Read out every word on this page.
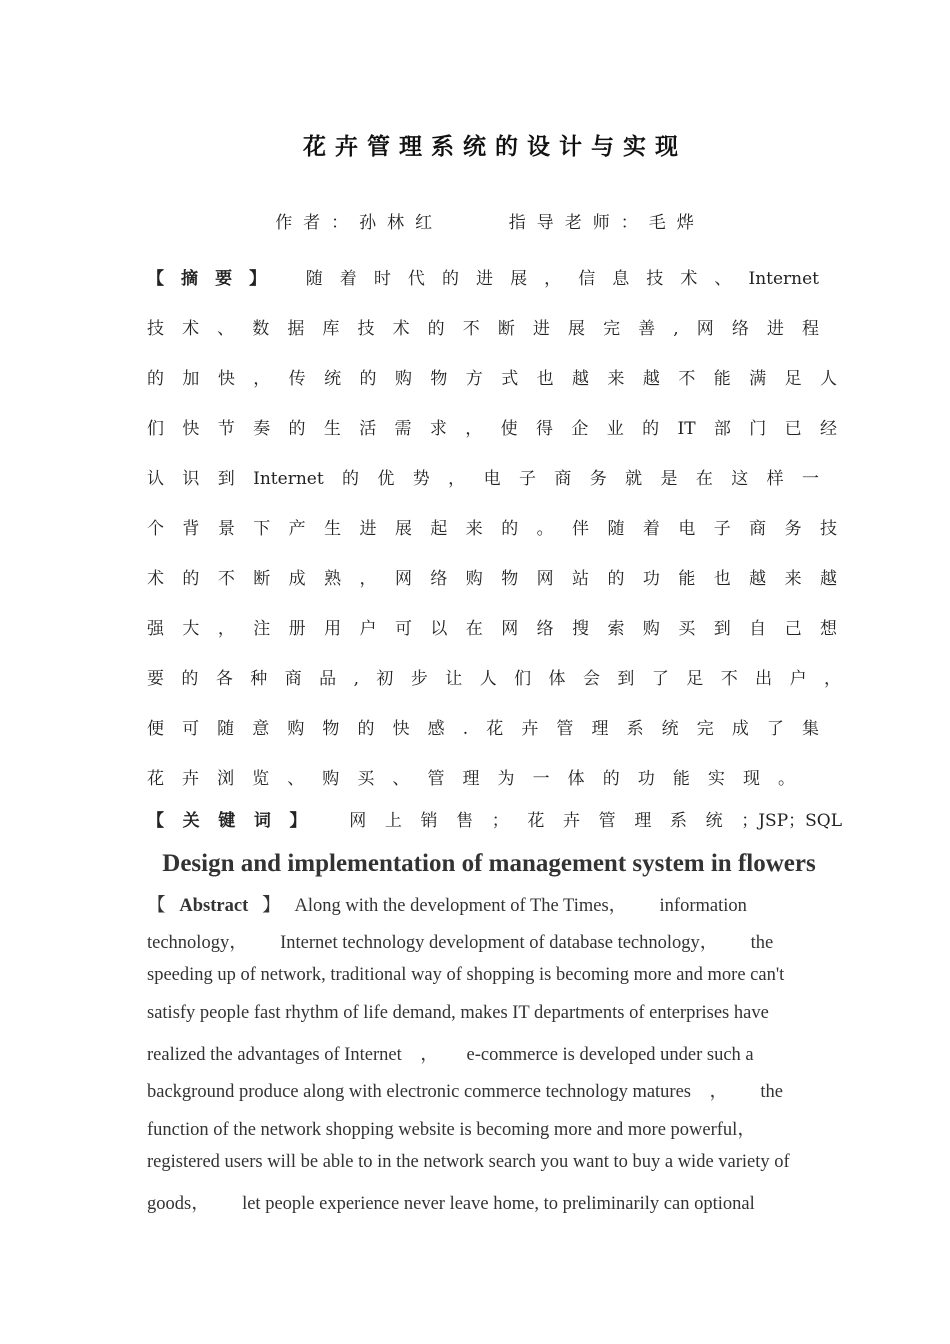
花卉管理系统的设计与实现
作者：孙林红    指导老师：毛烨
【摘要】 随着时代的进展，信息技术、Internet
技术、数据库技术的不断进展完善,网络进程
的加快，传统的购物方式也越来越不能满足人
们快节奏的生活需求，使得企业的IT部门已经
认识到Internet的优势，电子商务就是在这样一
个背景下产生进展起来的。伴随着电子商务技
术的不断成熟，网络购物网站的功能也越来越
强大，注册用户可以在网络搜索购买到自己想
要的各种商品,初步让人们体会到了足不出户，
便可随意购物的快感.花卉管理系统完成了集
花卉浏览、购买、管理为一体的功能实现。
【关键词】 网上销售；花卉管理系统；JSP；SQL
Design and implementation of management system in flowers
【 Abstract 】 Along with the development of The Times，       information
technology，       Internet technology development of database technology，       the
speeding up of network, traditional way of shopping is becoming more and more can't
satisfy people fast rhythm of life demand, makes IT departments of enterprises have
realized the advantages of Internet    ，      e-commerce is developed under such a
background produce along with electronic commerce technology matures    ，       the
function of the network shopping website is becoming more and more powerful，
registered users will be able to in the network search you want to buy a wide variety of
goods，       let people experience never leave home, to preliminarily can optional
